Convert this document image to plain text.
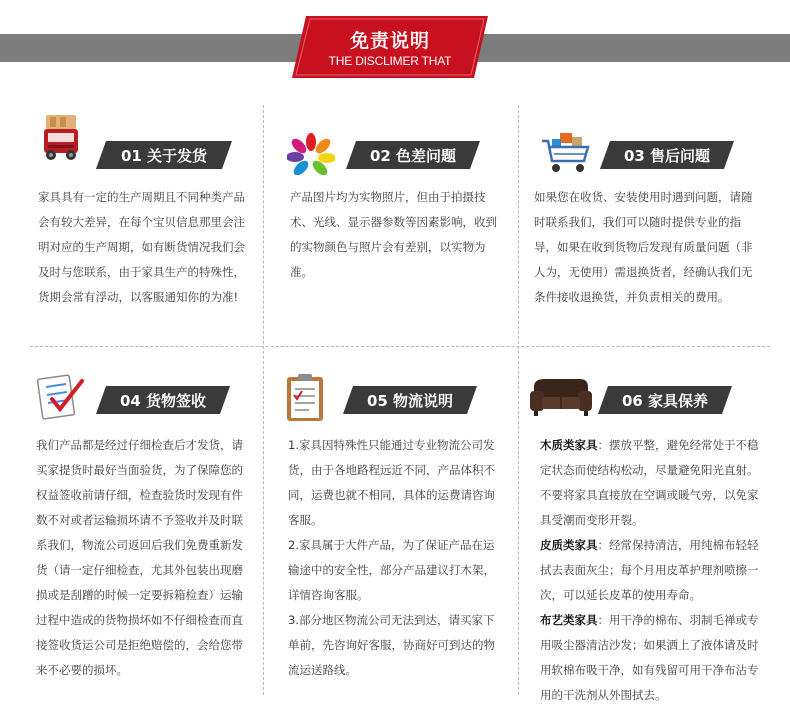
免责说明
THE DISCLIMER THAT
01 关于发货
家具具有一定的生产周期且不同种类产品会有较大差异，在每个宝贝信息那里会注明对应的生产周期，如有断货情况我们会及时与您联系，由于家具生产的特殊性，货期会常有浮动，以客服通知你的为准!
02 色差问题
产品图片均为实物照片，但由于拍摄技术、光线、显示器参数等因素影响，收到的实物颜色与照片会有差别，以实物为准。
03 售后问题
如果您在收货、安装使用时遇到问题，请随时联系我们，我们可以随时提供专业的指导，如果在收到货物后发现有质量问题（非人为，无使用）需退换货者，经确认我们无条件接收退换货，并负责相关的费用。
04 货物签收
我们产品都是经过仔细检查后才发货，请买家提货时最好当面验货，为了保障您的权益签收前请仔细，检查验货时发现有件数不对或者运输损坏请不予签收并及时联系我们，物流公司返回后我们免费重新发货（请一定仔细检查，尤其外包装出现磨损或是刮蹭的时候一定要拆箱检查）运输过程中造成的货物损坏如不仔细检查而直接签收货运公司是拒绝赔偿的，会给您带来不必要的损坏。
05 物流说明

1.家具因特殊性只能通过专业物流公司发货，由于各地路程远近不同，产品体积不同，运费也就不相同，具体的运费请咨询客服。

2.家具属于大件产品，为了保证产品在运输途中的安全性，部分产品建议打木架，详情咨询客服。

3.部分地区物流公司无法到达，请买家下单前，先咨询好客服，协商好可到达的物流运送路线。

06 家具保养

木质类家具：摆放平整，避免经常处于不稳定状态而使结构松动，尽量避免阳光直射。不要将家具直接放在空调或暖气旁，以免家具受潮而变形开裂。

皮质类家具：经常保持清洁，用纯棉布轻轻拭去表面灰尘；每个月用皮革护理剂喷擦一次，可以延长皮革的使用寿命。

布艺类家具：用干净的棉布、羽制毛禅或专用吸尘器清洁沙发；如果洒上了液体请及时用软棉布吸干净，如有残留可用干净布沾专用的干洗剂从外围拭去。
